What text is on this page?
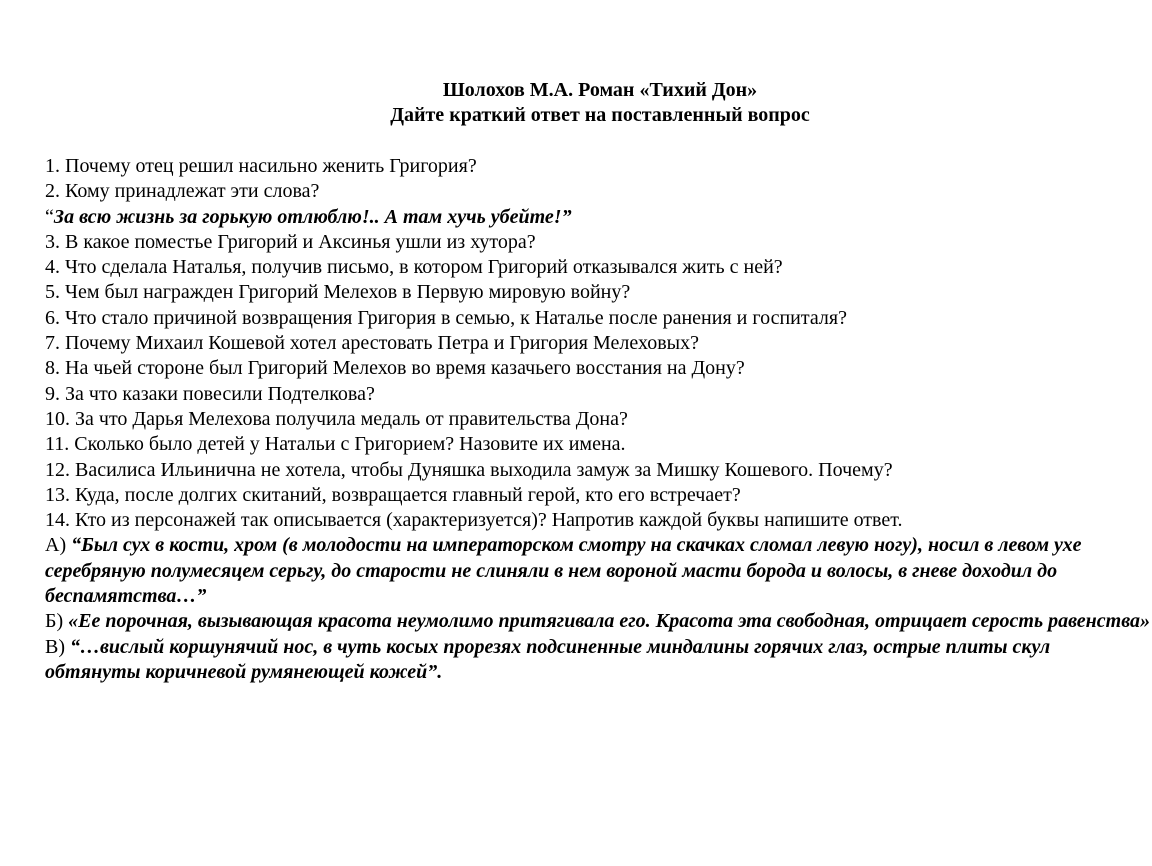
Шолохов М.А. Роман «Тихий Дон»
Дайте краткий ответ на поставленный вопрос
1. Почему отец решил насильно женить Григория?
2. Кому принадлежат эти слова?
“За всю жизнь за горькую отлюблю!.. А там хучь убейте!”
3. В какое поместье Григорий и Аксинья ушли из хутора?
4. Что сделала Наталья, получив письмо, в котором Григорий отказывался жить с ней?
5. Чем был награжден Григорий Мелехов в Первую мировую войну?
6. Что стало причиной возвращения Григория в семью, к Наталье после ранения и госпиталя?
7. Почему Михаил Кошевой хотел арестовать Петра и Григория Мелеховых?
8. На чьей стороне был Григорий Мелехов во время казачьего восстания на Дону?
9. За что казаки повесили Подтелкова?
10. За что Дарья Мелехова получила медаль от правительства Дона?
11. Сколько было детей у Натальи с Григорием? Назовите их имена.
12. Василиса Ильинична не хотела, чтобы Дуняшка выходила замуж за Мишку Кошевого. Почему?
13. Куда, после долгих скитаний, возвращается главный герой, кто его встречает?
14. Кто из персонажей так описывается (характеризуется)? Напротив каждой буквы напишите ответ.

А) “Был сух в кости, хром (в молодости на императорском смотру на скачках сломал левую ногу), носил в левом ухе серебряную полумесяцем серьгу, до старости не слиняли в нем вороной масти борода и волосы, в гневе доходил до беспамятства…”

Б) «Ее порочная, вызывающая красота неумолимо притягивала его. Красота эта свободная, отрицает серость равенства»

В) “…вислый коршунячий нос, в чуть косых прорезях подсиненные миндалины горячих глаз, острые плиты скул обтянуты коричневой румянеющей кожей”.
